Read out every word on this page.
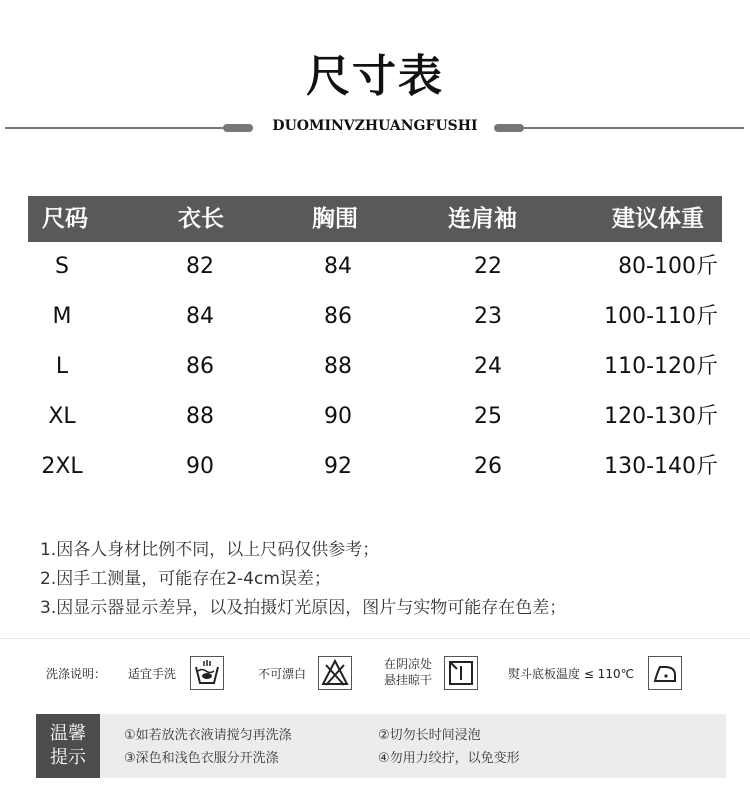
尺寸表
DUOMINVZHUANGFUSHI
尺码	衣长	胸围	连肩袖	建议体重
S	82	84	22	80-100斤
M	84	86	23	100-110斤
L	86	88	24	110-120斤
XL	88	90	25	120-130斤
2XL	90	92	26	130-140斤
1.因各人身材比例不同，以上尺码仅供参考；
2.因手工测量，可能存在2-4cm误差；
3.因显示器显示差异，以及拍摄灯光原因，图片与实物可能存在色差；
洗涤说明： 适宜手洗	不可漂白
在阴凉处
悬挂晾干	熨斗底板温度 ≤ 110℃
温馨
提示
①如若放洗衣液请搅匀再洗涤	②切勿长时间浸泡
③深色和浅色衣服分开洗涤	④勿用力绞拧，以免变形
